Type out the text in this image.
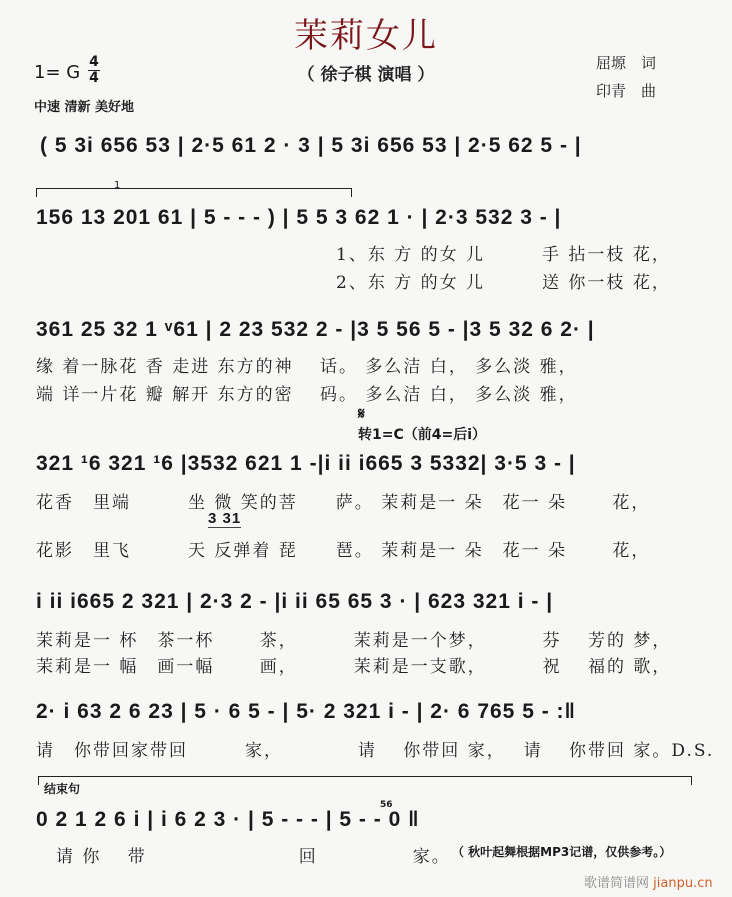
茉莉女儿
（ 徐子棋 演唱 ）
1= G 4
4
中速 清新 美好地
屈塬　词
印青　曲
( 5 3i 656 53 | 2·5 61 2 · 3 | 5 3i 656 53 | 2·5 62 5 - |
1
156 13 201 61 | 5 - - - ) | 5 5 3 62 1 · | 2·3 532 3 - |
1、东 方 的女 儿　　　手 拈一枝 花，
2、东 方 的女 儿　　　送 你一枝 花，
361 25 32 1 ᵛ61 | 2 23 532 2 - |3 5 56 5 - |3 5 32 6 2· |
缘 着一脉花 香 走进 东方的神　 话。 多么洁 白， 多么淡 雅，
端 详一片花 瓣 解开 东方的密　 码。 多么洁 白， 多么淡 雅，
𝄋
转1=C（前4=后i）
321 ¹6 321 ¹6 |3532 621 1 -|i ii i665 3 5332| 3·5 3 - |
花香　里端　　　坐 微 笑的菩　　萨。 茉莉是一 朵　花一 朵　　 花，
3 31
花影　里飞　　　天 反弹着 琵　　琶。 茉莉是一 朵　花一 朵　　 花，
i ii i665 2 321 | 2·3 2 - |i ii 65 65 3 · | 623 321 i - |
茉莉是一 杯　茶一杯　　 茶，　　　 茉莉是一个梦，　　　 芬　 芳的 梦，
茉莉是一 幅　画一幅　　 画，　　　 茉莉是一支歌，　　　 祝　 福的 歌，
2· i 63 2 6 23 | 5 · 6 5 - | 5· 2 321 i - | 2· 6 765 5 - :‖
请　你带回家带回　　　家，　　　　 请　 你带回 家，　 请　 你带回 家。D.S.
结束句
56
0 2 1 2 6 i | i 6 2 3 · | 5 - - - | 5 - - 0 ‖
请 你　 带　　　　　　　　回　　　　　家。 （ 秋叶起舞根据MP3记谱，仅供参考。）
歌谱简谱网 jianpu.cn
